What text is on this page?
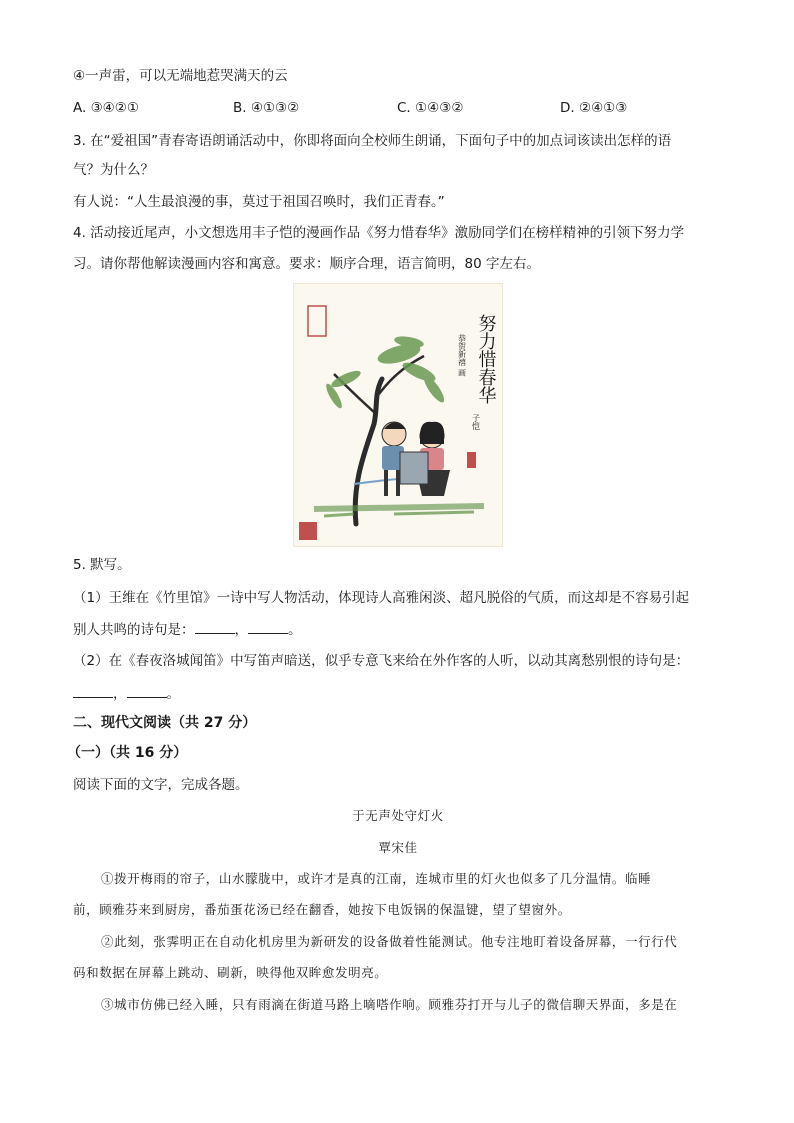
④一声雷，可以无端地惹哭满天的云
A. ③④②①	B. ④①③②	C. ①④③②	D. ②④①③
3. 在“爱祖国”青春寄语朗诵活动中，你即将面向全校师生朗诵，下面句子中的加点词该读出怎样的语
气？为什么？
有人说：“人生最浪漫的事，莫过于祖国召唤时，我们正青春。”
4. 活动接近尾声，小文想选用丰子恺的漫画作品《努力惜春华》激励同学们在榜样精神的引领下努力学
习。请你帮他解读漫画内容和寓意。要求：顺序合理，语言简明，80 字左右。
努力惜春华
恭贺新禧 画
子恺
5. 默写。
（1）王维在《竹里馆》一诗中写人物活动，体现诗人高雅闲淡、超凡脱俗的气质，而这却是不容易引起
别人共鸣的诗句是：	，	。
（2）在《春夜洛城闻笛》中写笛声暗送，似乎专意飞来给在外作客的人听，以动其离愁别恨的诗句是：
，	。
二、现代文阅读（共 27 分）
（一）（共 16 分）
阅读下面的文字，完成各题。
于无声处守灯火
覃宋佳
①拨开梅雨的帘子，山水朦胧中，或许才是真的江南，连城市里的灯火也似多了几分温情。临睡
前，顾雅芬来到厨房，番茄蛋花汤已经在翻香，她按下电饭锅的保温键，望了望窗外。
②此刻，张霁明正在自动化机房里为新研发的设备做着性能测试。他专注地盯着设备屏幕，一行行代
码和数据在屏幕上跳动、刷新，映得他双眸愈发明亮。
③城市仿佛已经入睡，只有雨滴在街道马路上嘀嗒作响。顾雅芬打开与儿子的微信聊天界面，多是在
